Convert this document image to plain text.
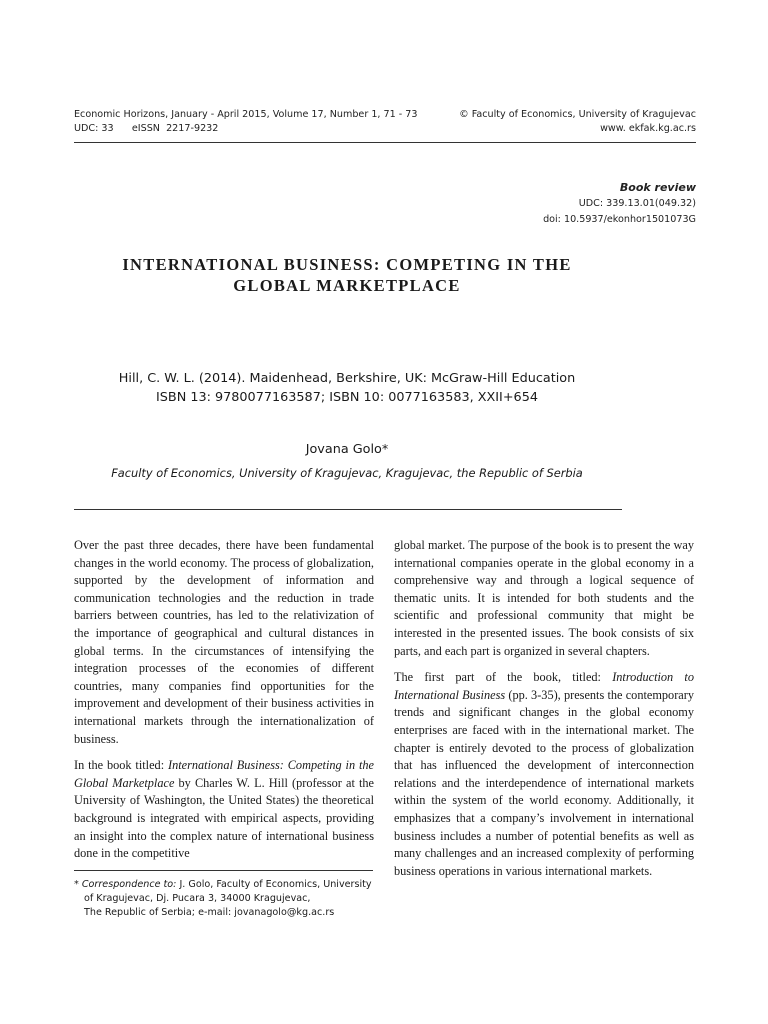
Economic Horizons, January - April 2015, Volume 17, Number 1, 71 - 73
UDC: 33      eISSN  2217-9232
© Faculty of Economics, University of Kragujevac
www. ekfak.kg.ac.rs
Book review
UDC: 339.13.01(049.32)
doi: 10.5937/ekonhor1501073G
INTERNATIONAL BUSINESS: COMPETING IN THE
GLOBAL MARKETPLACE
Hill, C. W. L. (2014). Maidenhead, Berkshire, UK: McGraw-Hill Education
ISBN 13: 9780077163587; ISBN 10: 0077163583, XXII+654
Jovana Golo*
Faculty of Economics, University of Kragujevac, Kragujevac, the Republic of Serbia

Over the past three decades, there have been fundamental changes in the world economy. The process of globalization, supported by the development of information and communication technologies and the reduction in trade barriers between countries, has led to the relativization of the importance of geographical and cultural distances in global terms. In the circumstances of intensifying the integration processes of the economies of different countries, many companies find opportunities for the improvement and development of their business activities in international markets through the internationalization of business.

In the book titled: International Business: Competing in the Global Marketplace by Charles W. L. Hill (professor at the University of Washington, the United States) the theoretical background is integrated with empirical aspects, providing an insight into the complex nature of international business done in the competitive

global market. The purpose of the book is to present the way international companies operate in the global economy in a comprehensive way and through a logical sequence of thematic units. It is intended for both students and the scientific and professional community that might be interested in the presented issues. The book consists of six parts, and each part is organized in several chapters.

The first part of the book, titled: Introduction to International Business (pp. 3-35), presents the contemporary trends and significant changes in the global economy enterprises are faced with in the international market. The chapter is entirely devoted to the process of globalization that has influenced the development of interconnection relations and the interdependence of international markets within the system of the world economy. Additionally, it emphasizes that a company’s involvement in international business includes a number of potential benefits as well as many challenges and an increased complexity of performing business operations in various international markets.

* Correspondence to: J. Golo, Faculty of Economics, University
of Kragujevac, Dj. Pucara 3, 34000 Kragujevac,
The Republic of Serbia; e-mail: jovanagolo@kg.ac.rs
